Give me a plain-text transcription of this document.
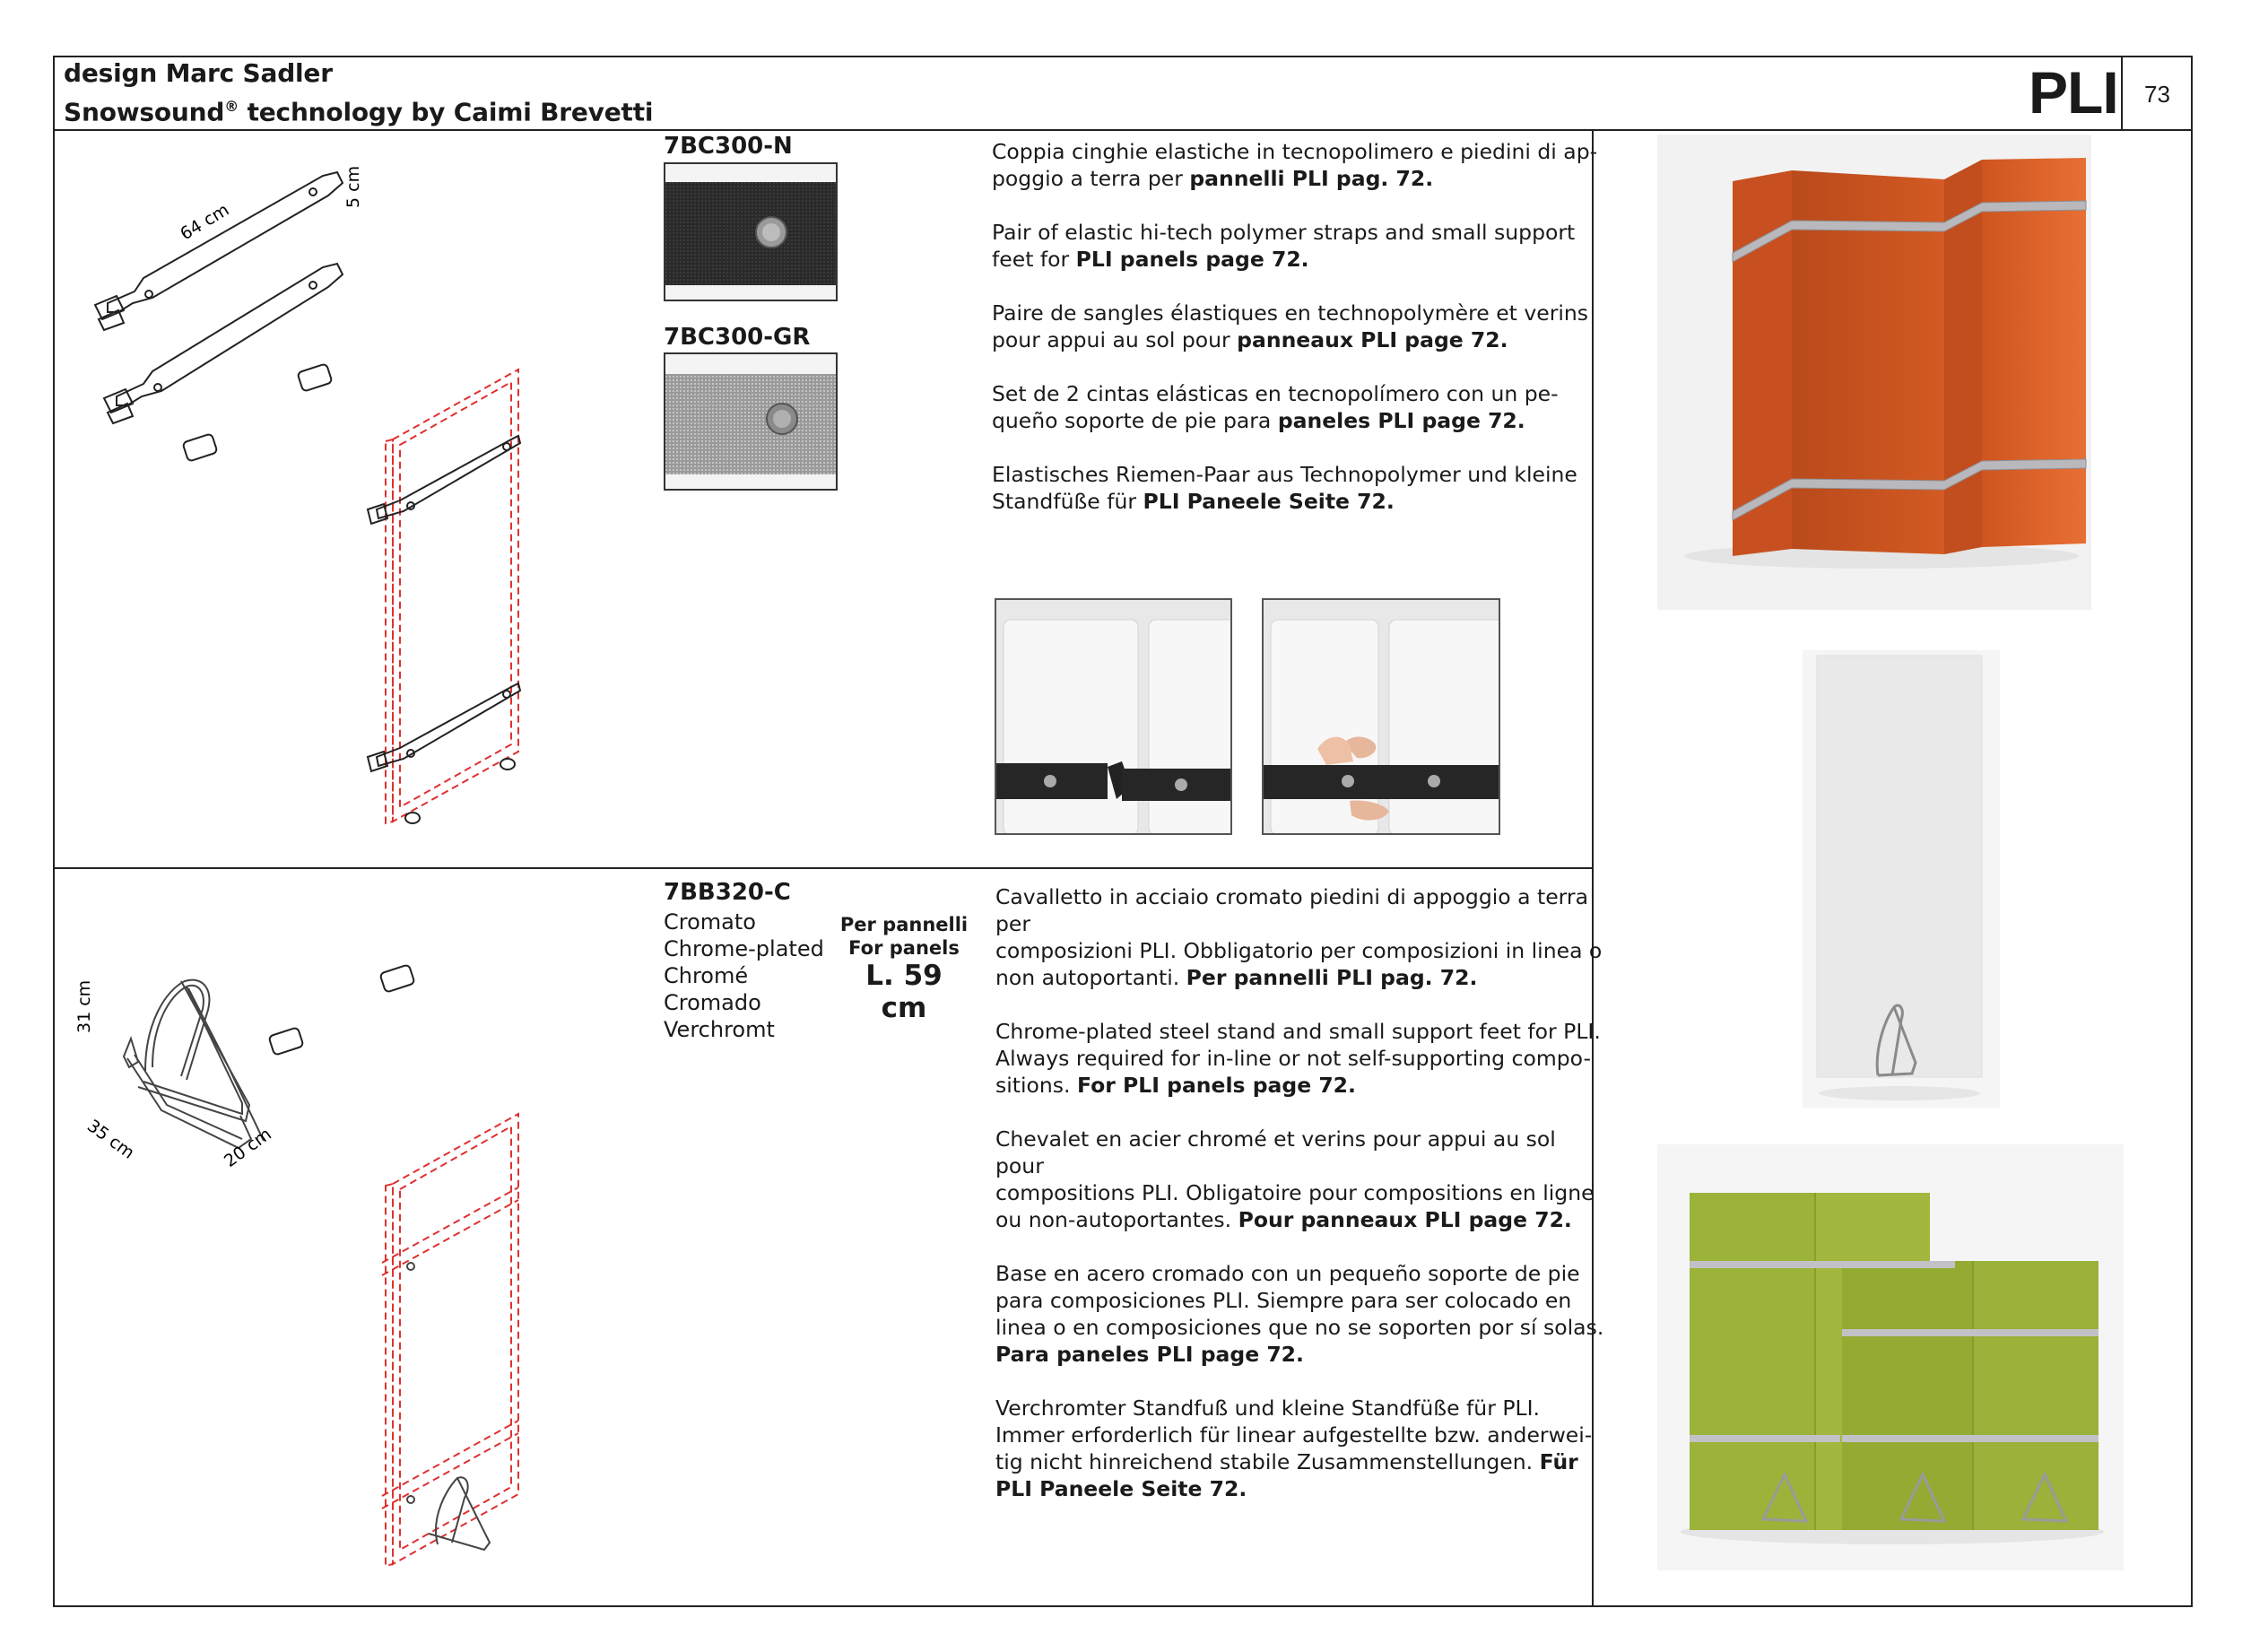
design Marc Sadler
Snowsound® technology by Caimi Brevetti	PLI 73
64 cm
5 cm
7BC300-N
7BC300-GR

Coppia cinghie elastiche in tecnopolimero e piedini di ap-
poggio a terra per pannelli PLI pag. 72.

Pair of elastic hi-tech polymer straps and small support
feet for PLI panels page 72.

Paire de sangles élastiques en technopolymère et verins
pour appui au sol pour panneaux PLI page 72.

Set de 2 cintas elásticas en tecnopolímero con un pe-
queño soporte de pie para paneles PLI page 72.

Elastisches Riemen-Paar aus Technopolymer und kleine
Standfüße für PLI Paneele Seite 72.

31 cm
35 cm	20 cm
7BB320-C
Cromato
Chrome-plated
Chromé
Cromado
Verchromt
Per pannelli
For panels
L. 59 cm

Cavalletto in acciaio cromato piedini di appoggio a terra
per
composizioni PLI. Obbligatorio per composizioni in linea o
non autoportanti. Per pannelli PLI pag. 72.

Chrome-plated steel stand and small support feet for PLI.
Always required for in-line or not self-supporting compo-
sitions. For PLI panels page 72.

Chevalet en acier chromé et verins pour appui au sol
pour
compositions PLI. Obligatoire pour compositions en ligne
ou non-autoportantes. Pour panneaux PLI page 72.

Base en acero cromado con un pequeño soporte de pie
para composiciones PLI. Siempre para ser colocado en
linea o en composiciones que no se soporten por sí solas.
Para paneles PLI page 72.

Verchromter Standfuß und kleine Standfüße für PLI.
Immer erforderlich für linear aufgestellte bzw. anderwei-
tig nicht hinreichend stabile Zusammenstellungen. Für
PLI Paneele Seite 72.
